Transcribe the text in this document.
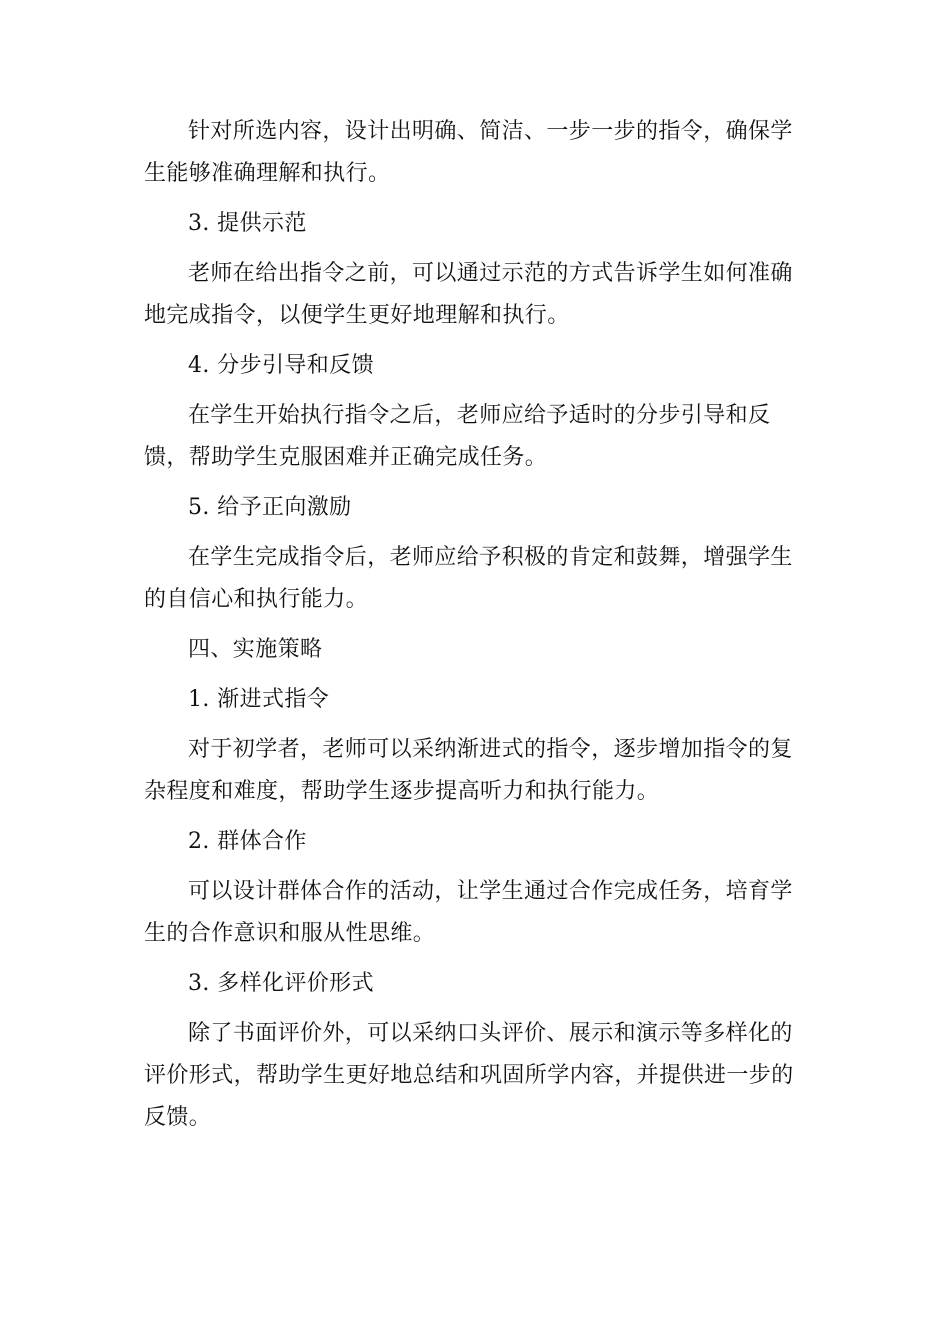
针对所选内容，设计出明确、简洁、一步一步的指令，确保学生能够准确理解和执行。

3. 提供示范

老师在给出指令之前，可以通过示范的方式告诉学生如何准确地完成指令，以便学生更好地理解和执行。

4. 分步引导和反馈

在学生开始执行指令之后，老师应给予适时的分步引导和反馈，帮助学生克服困难并正确完成任务。

5. 给予正向激励

在学生完成指令后，老师应给予积极的肯定和鼓舞，增强学生的自信心和执行能力。

四、实施策略

1. 渐进式指令

对于初学者，老师可以采纳渐进式的指令，逐步增加指令的复杂程度和难度，帮助学生逐步提高听力和执行能力。

2. 群体合作

可以设计群体合作的活动，让学生通过合作完成任务，培育学生的合作意识和服从性思维。

3. 多样化评价形式

除了书面评价外，可以采纳口头评价、展示和演示等多样化的评价形式，帮助学生更好地总结和巩固所学内容，并提供进一步的反馈。
